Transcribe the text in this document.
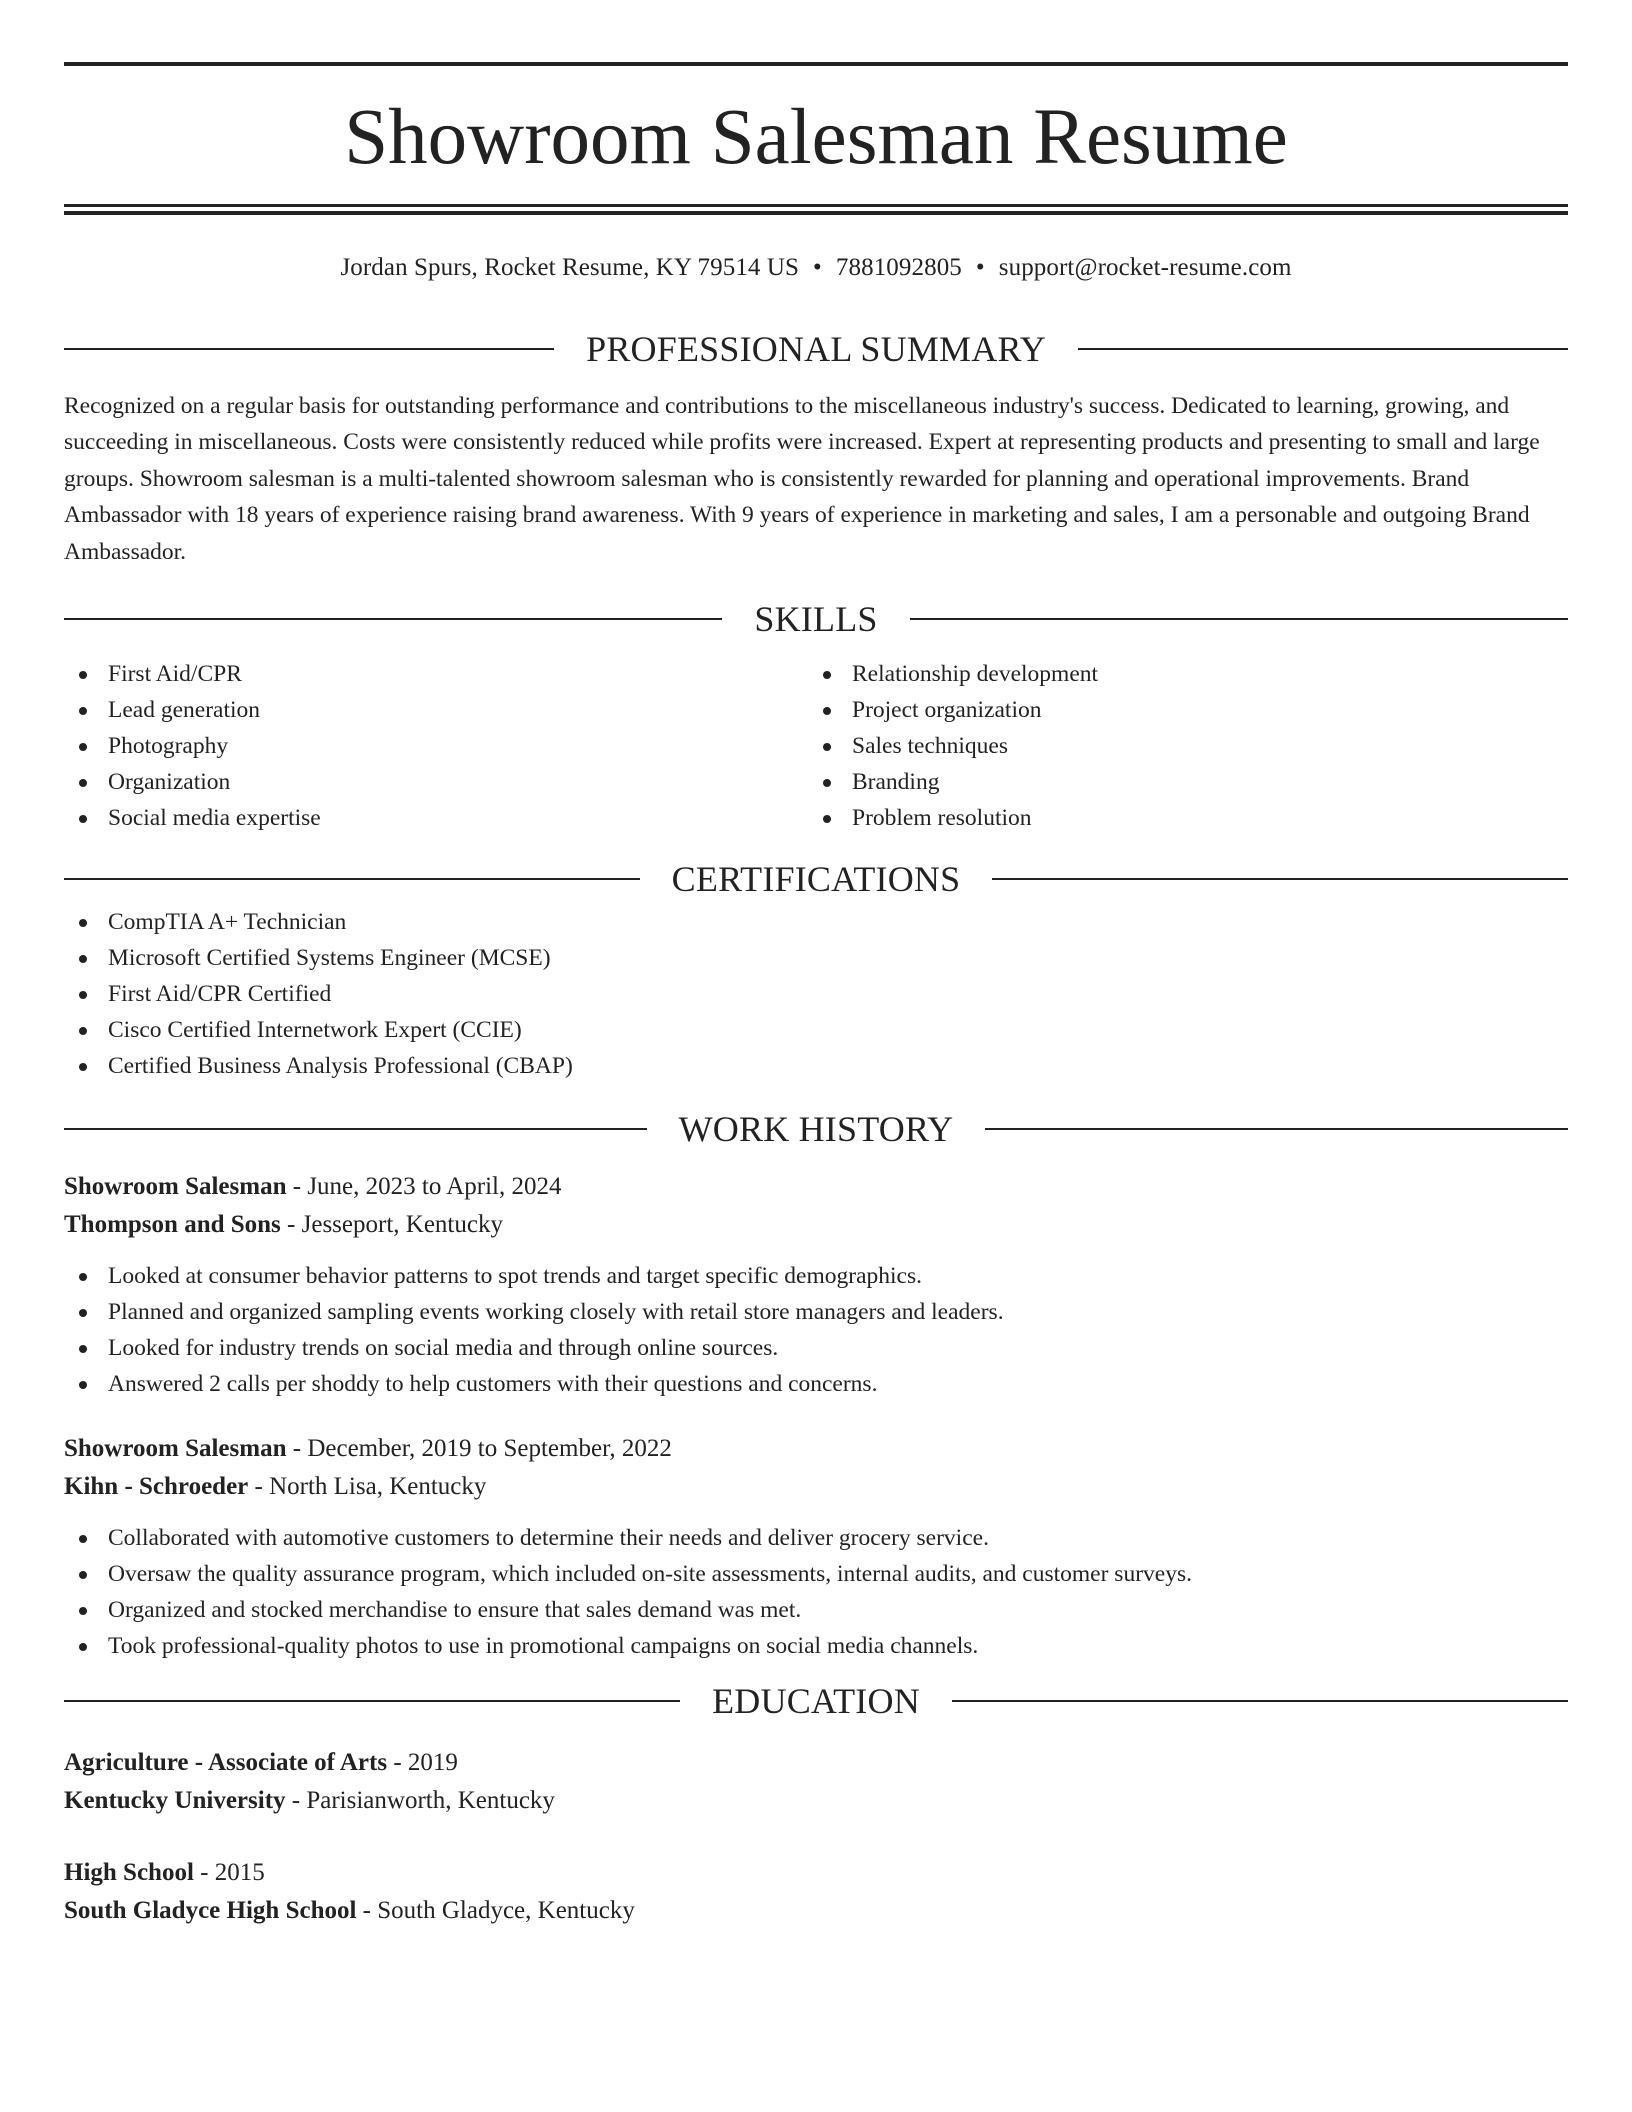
Showroom Salesman Resume
Jordan Spurs, Rocket Resume, KY 79514 US • 7881092805 • support@rocket-resume.com
PROFESSIONAL SUMMARY

Recognized on a regular basis for outstanding performance and contributions to the miscellaneous industry's success. Dedicated to learning, growing, and succeeding in miscellaneous. Costs were consistently reduced while profits were increased. Expert at representing products and presenting to small and large groups. Showroom salesman is a multi-talented showroom salesman who is consistently rewarded for planning and operational improvements. Brand Ambassador with 18 years of experience raising brand awareness. With 9 years of experience in marketing and sales, I am a personable and outgoing Brand Ambassador.

SKILLS
First Aid/CPR
Lead generation
Photography
Organization
Social media expertise
Relationship development
Project organization
Sales techniques
Branding
Problem resolution
CERTIFICATIONS
CompTIA A+ Technician
Microsoft Certified Systems Engineer (MCSE)
First Aid/CPR Certified
Cisco Certified Internetwork Expert (CCIE)
Certified Business Analysis Professional (CBAP)
WORK HISTORY
Showroom Salesman - June, 2023 to April, 2024
Thompson and Sons - Jesseport, Kentucky
Looked at consumer behavior patterns to spot trends and target specific demographics.
Planned and organized sampling events working closely with retail store managers and leaders.
Looked for industry trends on social media and through online sources.
Answered 2 calls per shoddy to help customers with their questions and concerns.
Showroom Salesman - December, 2019 to September, 2022
Kihn - Schroeder - North Lisa, Kentucky
Collaborated with automotive customers to determine their needs and deliver grocery service.
Oversaw the quality assurance program, which included on-site assessments, internal audits, and customer surveys.
Organized and stocked merchandise to ensure that sales demand was met.
Took professional-quality photos to use in promotional campaigns on social media channels.
EDUCATION
Agriculture - Associate of Arts - 2019
Kentucky University - Parisianworth, Kentucky
High School - 2015
South Gladyce High School - South Gladyce, Kentucky
